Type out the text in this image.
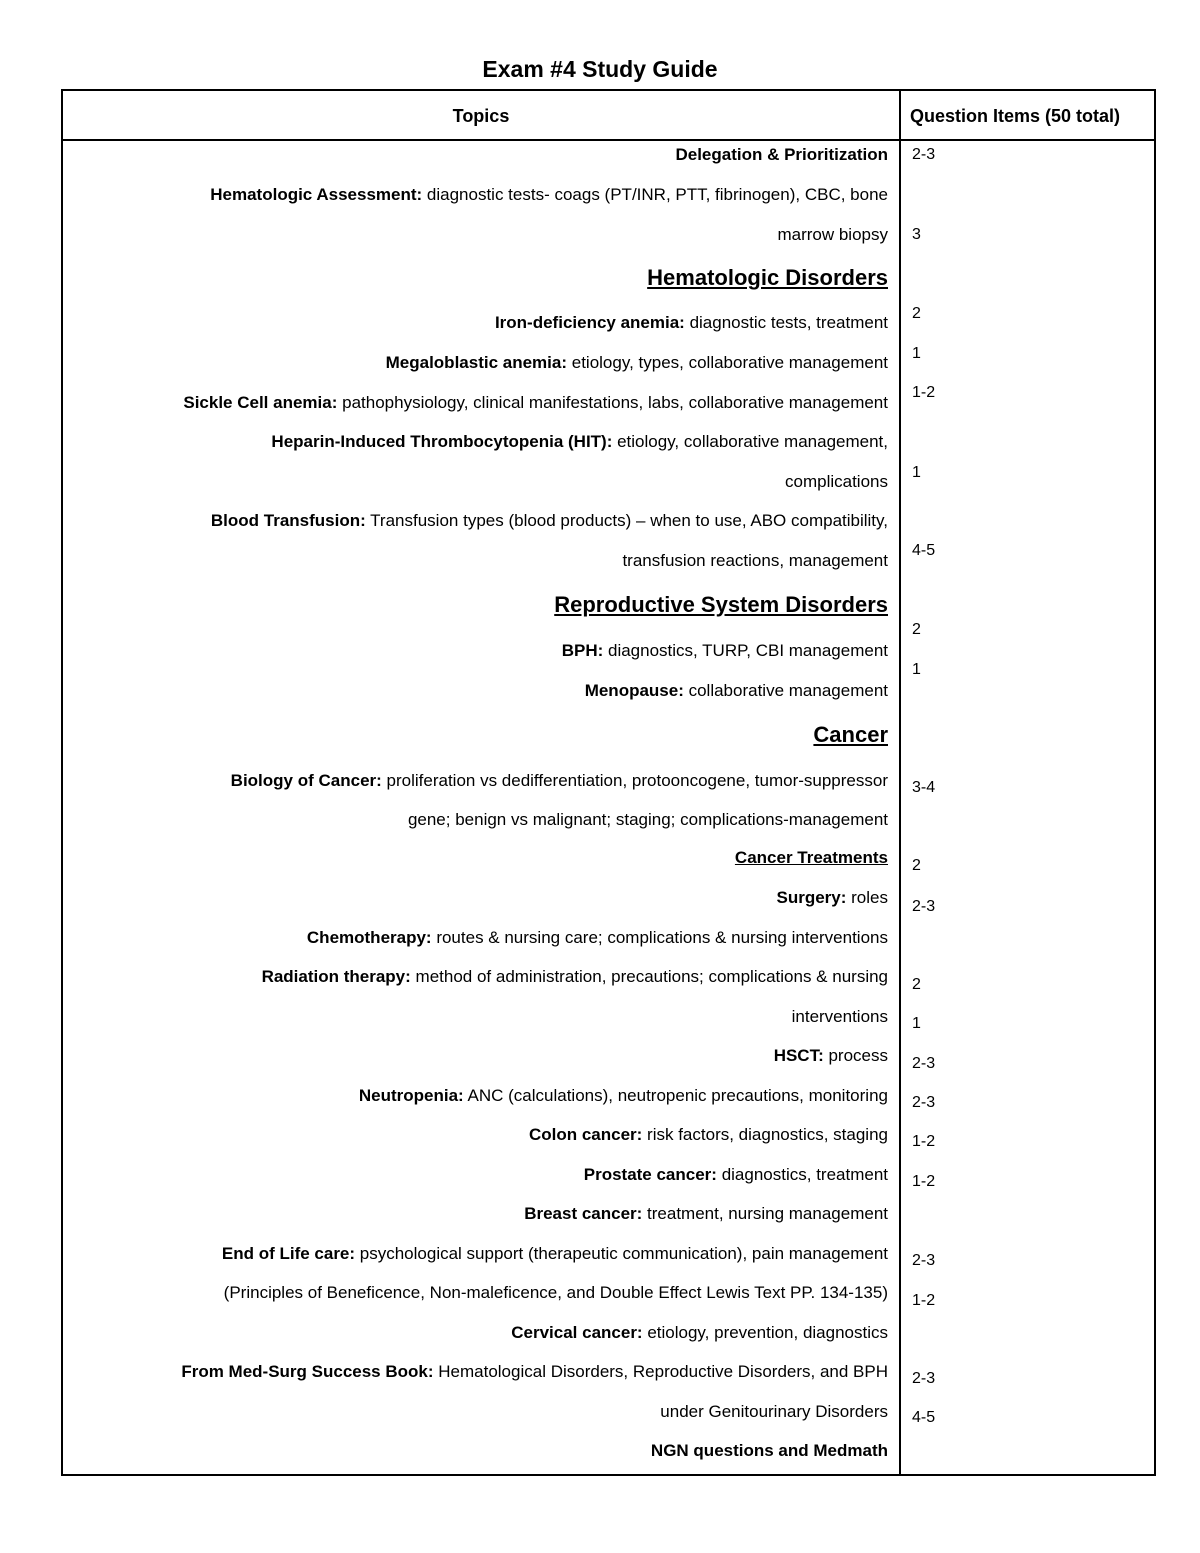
Exam #4 Study Guide
Topics	Question Items (50 total)
Delegation & Prioritization
Hematologic Assessment: diagnostic tests- coags (PT/INR, PTT, fibrinogen), CBC, bone
marrow biopsy
Hematologic Disorders
Iron-deficiency anemia: diagnostic tests, treatment
Megaloblastic anemia: etiology, types, collaborative management
Sickle Cell anemia: pathophysiology, clinical manifestations, labs, collaborative management
Heparin-Induced Thrombocytopenia (HIT): etiology, collaborative management,
complications
Blood Transfusion: Transfusion types (blood products) – when to use, ABO compatibility,
transfusion reactions, management
Reproductive System Disorders
BPH: diagnostics, TURP, CBI management
Menopause: collaborative management
Cancer
Biology of Cancer: proliferation vs dedifferentiation, protooncogene, tumor-suppressor
gene; benign vs malignant; staging; complications-management
Cancer Treatments
Surgery: roles
Chemotherapy: routes & nursing care; complications & nursing interventions
Radiation therapy: method of administration, precautions; complications & nursing
interventions
HSCT: process
Neutropenia: ANC (calculations), neutropenic precautions, monitoring
Colon cancer: risk factors, diagnostics, staging
Prostate cancer: diagnostics, treatment
Breast cancer: treatment, nursing management
End of Life care: psychological support (therapeutic communication), pain management
(Principles of Beneficence, Non-maleficence, and Double Effect Lewis Text PP. 134-135)
Cervical cancer: etiology, prevention, diagnostics
From Med-Surg Success Book: Hematological Disorders, Reproductive Disorders, and BPH
under Genitourinary Disorders
NGN questions and Medmath
2-3
3
2
1
1-2
1
4-5
2
1
3-4
2
2-3
2
1
2-3
2-3
1-2
1-2
2-3
1-2
2-3
4-5
